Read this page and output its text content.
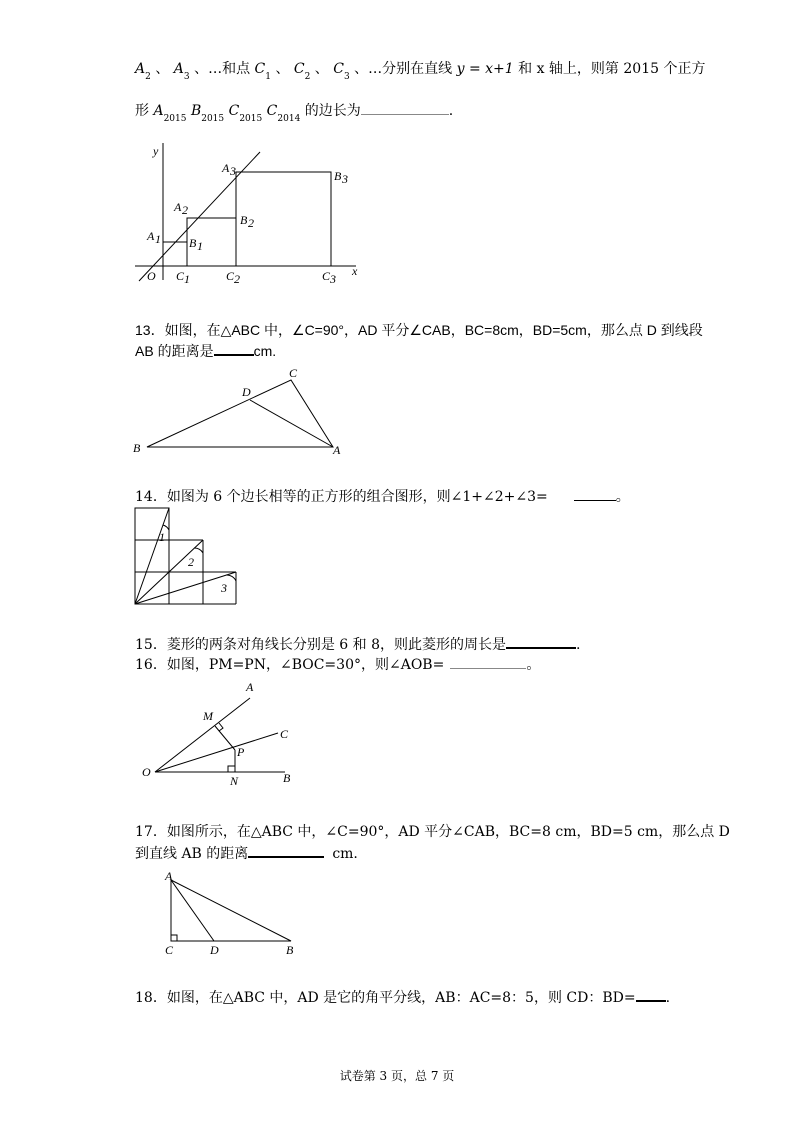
$A_2$ 、 $A_3$ 、…和点 $C_1$ 、 $C_2$ 、 $C_3$ 、…分别在直线 y = x+1 和 x 轴上，则第 2015 个正方
形 $A_{2015}$ $B_{2015}$ $C_{2015}$ $C_{2014}$ 的边长为	.
y
x
O
A 1
A 2
A 3
B 1
B 2
B 3
C 1	C 2	C 3
B	A
C
D
1
2
3
A
B
C
M
N
O
P
A
B
C	D
13．如图，在△ABC 中，∠C=90°，AD 平分∠CAB，BC=8cm，BD=5cm，那么点 D 到线段
AB 的距离是	cm.
14．如图为 6 个边长相等的正方形的组合图形，则∠1+∠2+∠3=	。
15．菱形的两条对角线长分别是 6 和 8，则此菱形的周长是	.
16．如图，PM=PN，∠BOC=30°，则∠AOB=	。
17．如图所示，在△ABC 中，∠C=90°，AD 平分∠CAB，BC=8 cm，BD=5 cm，那么点 D
到直线 AB 的距离	cm.
18．如图，在△ABC 中，AD 是它的角平分线，AB：AC=8：5，则 CD：BD= .
试卷第 3 页，总 7 页
